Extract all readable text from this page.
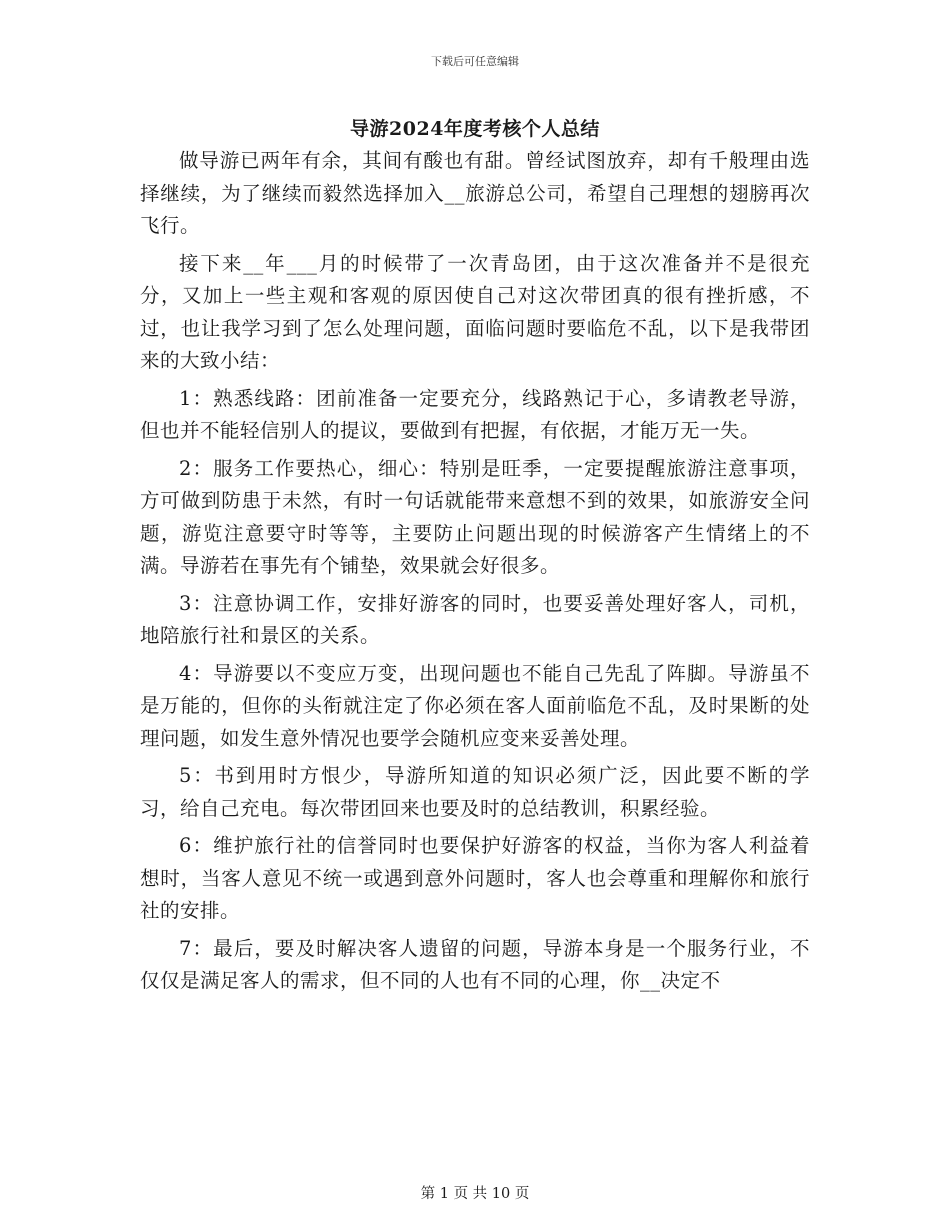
下载后可任意编辑
导游2024年度考核个人总结

做导游已两年有余，其间有酸也有甜。曾经试图放弃，却有千般理由选择继续，为了继续而毅然选择加入__旅游总公司，希望自己理想的翅膀再次飞行。

接下来__年___月的时候带了一次青岛团，由于这次准备并不是很充分，又加上一些主观和客观的原因使自己对这次带团真的很有挫折感，不过，也让我学习到了怎么处理问题，面临问题时要临危不乱，以下是我带团来的大致小结：

1：熟悉线路：团前准备一定要充分，线路熟记于心，多请教老导游，但也并不能轻信别人的提议，要做到有把握，有依据，才能万无一失。

2：服务工作要热心，细心：特别是旺季，一定要提醒旅游注意事项，方可做到防患于未然，有时一句话就能带来意想不到的效果，如旅游安全问题，游览注意要守时等等，主要防止问题出现的时候游客产生情绪上的不满。导游若在事先有个铺垫，效果就会好很多。

3：注意协调工作，安排好游客的同时，也要妥善处理好客人，司机，地陪旅行社和景区的关系。

4：导游要以不变应万变，出现问题也不能自己先乱了阵脚。导游虽不是万能的，但你的头衔就注定了你必须在客人面前临危不乱，及时果断的处理问题，如发生意外情况也要学会随机应变来妥善处理。

5：书到用时方恨少，导游所知道的知识必须广泛，因此要不断的学习，给自己充电。每次带团回来也要及时的总结教训，积累经验。

6：维护旅行社的信誉同时也要保护好游客的权益，当你为客人利益着想时，当客人意见不统一或遇到意外问题时，客人也会尊重和理解你和旅行社的安排。

7：最后，要及时解决客人遗留的问题，导游本身是一个服务行业，不仅仅是满足客人的需求，但不同的人也有不同的心理，你__决定不

第 1 页 共 10 页
